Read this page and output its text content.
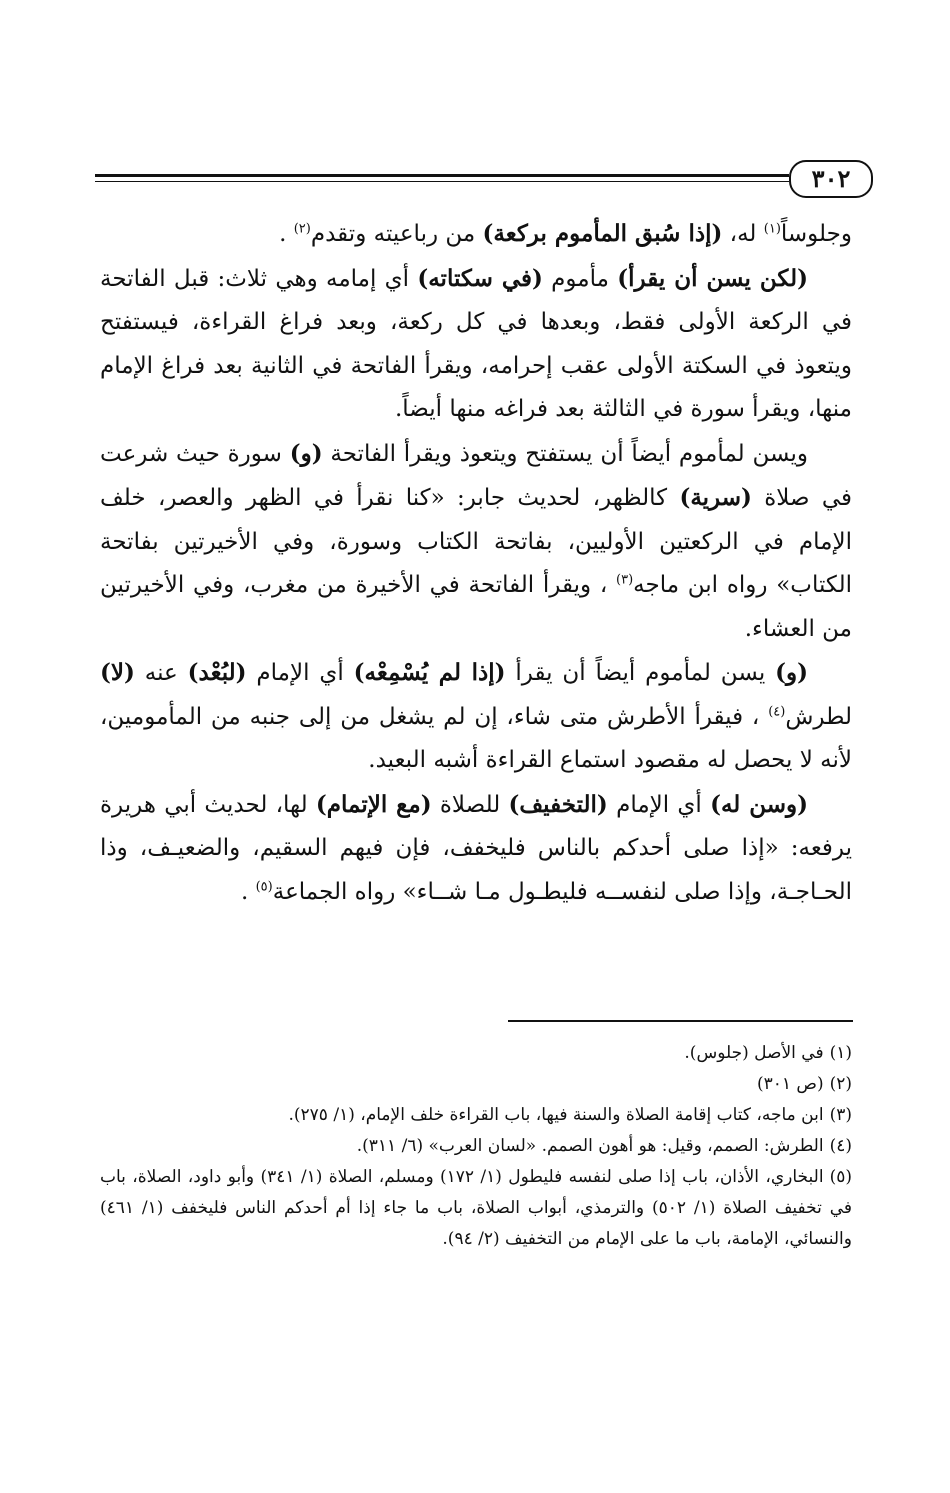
٣٠٢

وجلوساً$^{(١)}$ له، (إذا سُبق المأموم بركعة) من رباعيته وتقدم$^{(٢)}$ .

(لكن يسن أن يقرأ) مأموم (في سكتاته) أي إمامه وهي ثلاث: قبل الفاتحة في الركعة الأولى فقط، وبعدها في كل ركعة، وبعد فراغ القراءة، فيستفتح ويتعوذ في السكتة الأولى عقب إحرامه، ويقرأ الفاتحة في الثانية بعد فراغ الإمام منها، ويقرأ سورة في الثالثة بعد فراغه منها أيضاً.

ويسن لمأموم أيضاً أن يستفتح ويتعوذ ويقرأ الفاتحة (و) سورة حيث شرعت في صلاة (سرية) كالظهر، لحديث جابر: «كنا نقرأ في الظهر والعصر، خلف الإمام في الركعتين الأوليين، بفاتحة الكتاب وسورة، وفي الأخيرتين بفاتحة الكتاب» رواه ابن ماجه$^{(٣)}$ ، ويقرأ الفاتحة في الأخيرة من مغرب، وفي الأخيرتين من العشاء.

(و) يسن لمأموم أيضاً أن يقرأ (إذا لم يُسْمِعْه) أي الإمام (لبُعْد) عنه (لا) لطرش$^{(٤)}$ ، فيقرأ الأطرش متى شاء، إن لم يشغل من إلى جنبه من المأمومين، لأنه لا يحصل له مقصود استماع القراءة أشبه البعيد.

(وسن له) أي الإمام (التخفيف) للصلاة (مع الإتمام) لها، لحديث أبي هريرة يرفعه: «إذا صلى أحدكم بالناس فليخفف، فإن فيهم السقيم، والضعيـف، وذا الحـاجـة، وإذا صلى لنفســه فليطـول مـا شــاء» رواه الجماعة$^{(٥)}$ .

(١)في الأصل (جلوس).

(٢)(ص ٣٠١)

(٣)ابن ماجه، كتاب إقامة الصلاة والسنة فيها، باب القراءة خلف الإمام، (١/ ٢٧٥).

(٤)الطرش: الصمم، وقيل: هو أهون الصمم. «لسان العرب» (٦/ ٣١١).

(٥)البخاري، الأذان، باب إذا صلى لنفسه فليطول (١/ ١٧٢) ومسلم، الصلاة (١/ ٣٤١) وأبو داود، الصلاة، باب في تخفيف الصلاة (١/ ٥٠٢) والترمذي، أبواب الصلاة، باب ما جاء إذا أم أحدكم الناس فليخفف (١/ ٤٦١) والنسائي، الإمامة، باب ما على الإمام من التخفيف (٢/ ٩٤).
